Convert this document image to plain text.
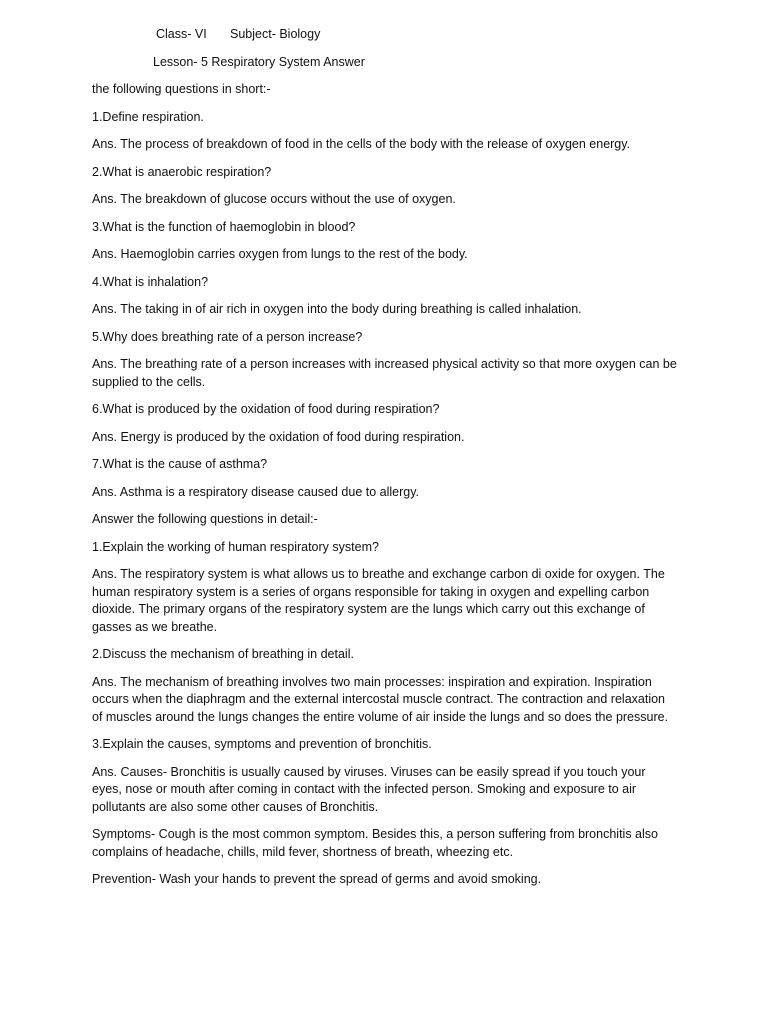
Class- VI Subject- Biology
Lesson- 5 Respiratory System Answer

the following questions in short:-

1.Define respiration.

Ans. The process of breakdown of food in the cells of the body with the release of oxygen energy.

2.What is anaerobic respiration?

Ans. The breakdown of glucose occurs without the use of oxygen.

3.What is the function of haemoglobin in blood?

Ans. Haemoglobin carries oxygen from lungs to the rest of the body.

4.What is inhalation?

Ans. The taking in of air rich in oxygen into the body during breathing is called inhalation.

5.Why does breathing rate of a person increase?

Ans. The breathing rate of a person increases with increased physical activity so that more oxygen can be supplied to the cells.

6.What is produced by the oxidation of food during respiration?

Ans. Energy is produced by the oxidation of food during respiration.

7.What is the cause of asthma?

Ans. Asthma is a respiratory disease caused due to allergy.

Answer the following questions in detail:-

1.Explain the working of human respiratory system?

Ans. The respiratory system is what allows us to breathe and exchange carbon di oxide for oxygen. The human respiratory system is a series of organs responsible for taking in oxygen and expelling carbon dioxide. The primary organs of the respiratory system are the lungs which carry out this exchange of gasses as we breathe.

2.Discuss the mechanism of breathing in detail.

Ans. The mechanism of breathing involves two main processes: inspiration and expiration. Inspiration occurs when the diaphragm and the external intercostal muscle contract. The contraction and relaxation of muscles around the lungs changes the entire volume of air inside the lungs and so does the pressure.

3.Explain the causes, symptoms and prevention of bronchitis.

Ans. Causes- Bronchitis is usually caused by viruses. Viruses can be easily spread if you touch your eyes, nose or mouth after coming in contact with the infected person. Smoking and exposure to air pollutants are also some other causes of Bronchitis.

Symptoms- Cough is the most common symptom. Besides this, a person suffering from bronchitis also complains of headache, chills, mild fever, shortness of breath, wheezing etc.

Prevention- Wash your hands to prevent the spread of germs and avoid smoking.
